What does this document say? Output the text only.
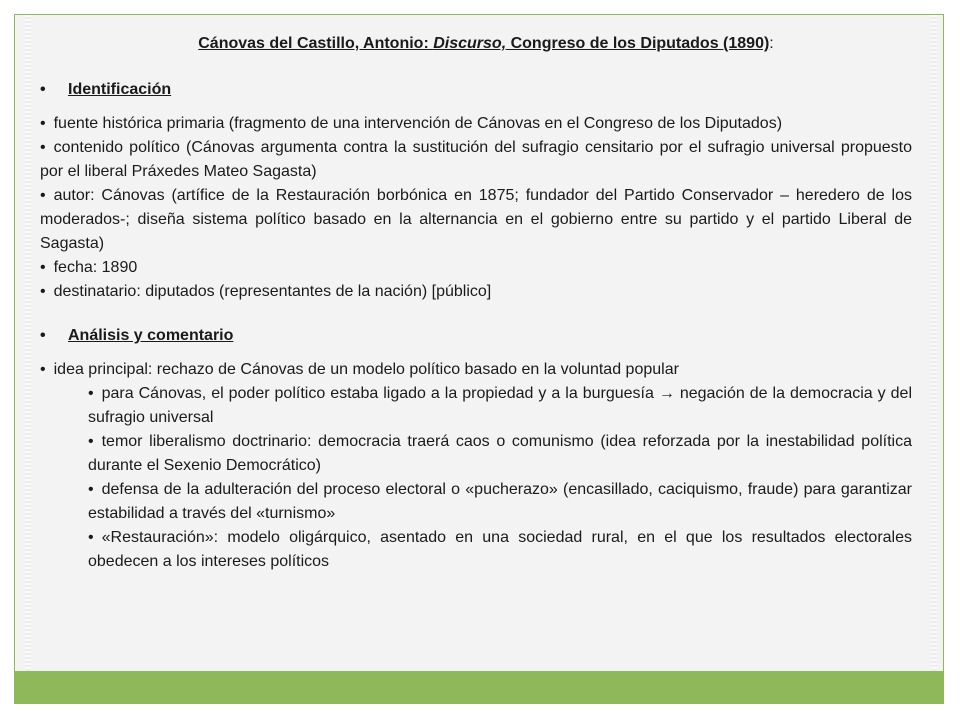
Cánovas del Castillo, Antonio: Discurso, Congreso de los Diputados (1890):
•	Identificación
• fuente histórica primaria (fragmento de una intervención de Cánovas en el Congreso de los Diputados)
• contenido político (Cánovas argumenta contra la sustitución del sufragio censitario por el sufragio universal propuesto por el liberal Práxedes Mateo Sagasta)
• autor: Cánovas (artífice de la Restauración borbónica en 1875; fundador del Partido Conservador – heredero de los moderados-; diseña sistema político basado en la alternancia en el gobierno entre su partido y el partido Liberal de Sagasta)
• fecha: 1890
• destinatario: diputados (representantes de la nación) [público]
•	Análisis y comentario
• idea principal: rechazo de Cánovas de un modelo político basado en la voluntad popular
• para Cánovas, el poder político estaba ligado a la propiedad y a la burguesía → negación de la democracia y del sufragio universal
• temor liberalismo doctrinario: democracia traerá caos o comunismo (idea reforzada por la inestabilidad política durante el Sexenio Democrático)
• defensa de la adulteración del proceso electoral o «pucherazo» (encasillado, caciquismo, fraude) para garantizar estabilidad a través del «turnismo»
• «Restauración»: modelo oligárquico, asentado en una sociedad rural, en el que los resultados electorales obedecen a los intereses políticos
